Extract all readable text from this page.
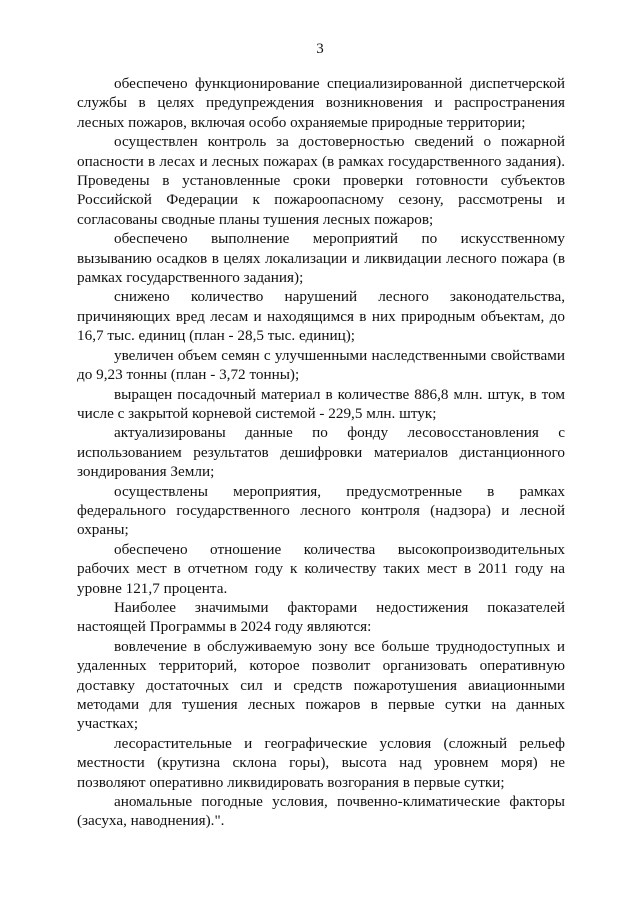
3

обеспечено функционирование специализированной диспетчерской службы в целях предупреждения возникновения и распространения лесных пожаров, включая особо охраняемые природные территории;

осуществлен контроль за достоверностью сведений о пожарной опасности в лесах и лесных пожарах (в рамках государственного задания). Проведены в установленные сроки проверки готовности субъектов Российской Федерации к пожароопасному сезону, рассмотрены и согласованы сводные планы тушения лесных пожаров;

обеспечено выполнение мероприятий по искусственному вызыванию осадков в целях локализации и ликвидации лесного пожара (в рамках государственного задания);

снижено количество нарушений лесного законодательства, причиняющих вред лесам и находящимся в них природным объектам, до 16,7 тыс. единиц (план - 28,5 тыс. единиц);

увеличен объем семян с улучшенными наследственными свойствами до 9,23 тонны (план - 3,72 тонны);

выращен посадочный материал в количестве 886,8 млн. штук, в том числе с закрытой корневой системой - 229,5 млн. штук;

актуализированы данные по фонду лесовосстановления с использованием результатов дешифровки материалов дистанционного зондирования Земли;

осуществлены мероприятия, предусмотренные в рамках федерального государственного лесного контроля (надзора) и лесной охраны;

обеспечено отношение количества высокопроизводительных рабочих мест в отчетном году к количеству таких мест в 2011 году на уровне 121,7 процента.

Наиболее значимыми факторами недостижения показателей настоящей Программы в 2024 году являются:

вовлечение в обслуживаемую зону все больше труднодоступных и удаленных территорий, которое позволит организовать оперативную доставку достаточных сил и средств пожаротушения авиационными методами для тушения лесных пожаров в первые сутки на данных участках;

лесорастительные и географические условия (сложный рельеф местности (крутизна склона горы), высота над уровнем моря) не позволяют оперативно ликвидировать возгорания в первые сутки;

аномальные погодные условия, почвенно-климатические факторы (засуха, наводнения).".
